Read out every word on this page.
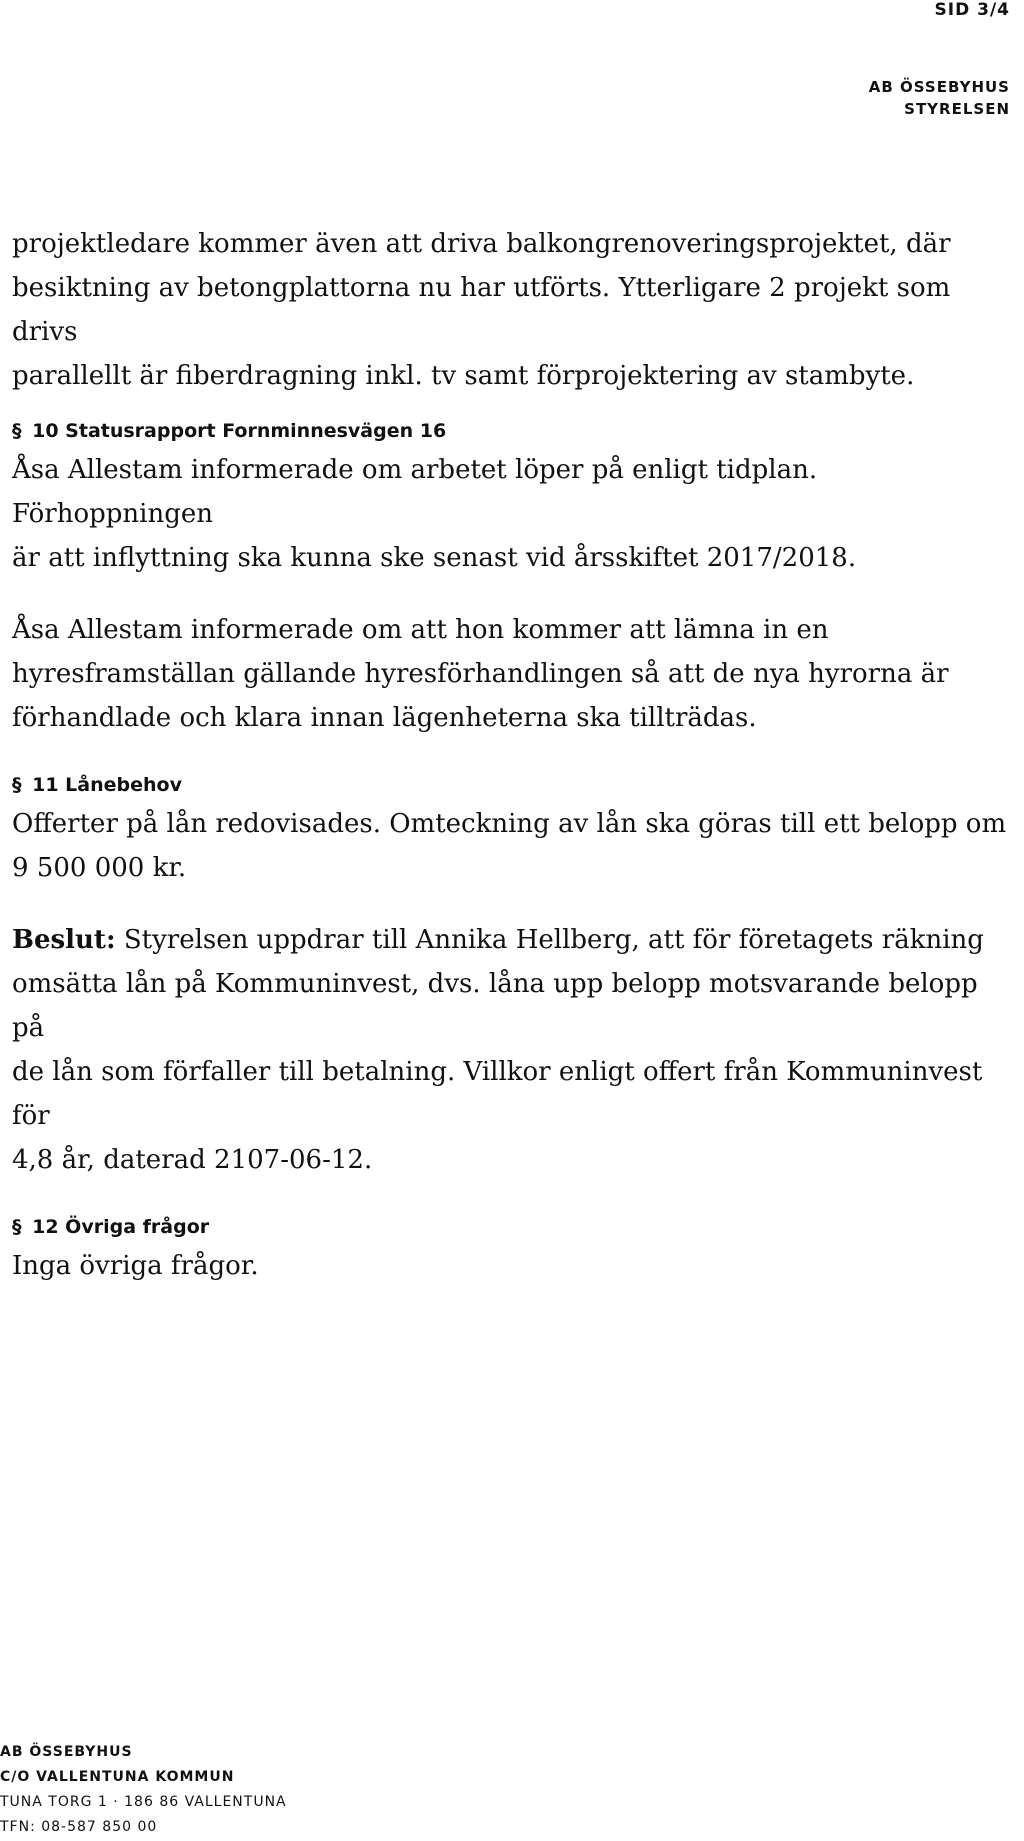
SID 3/4
AB ÖSSEBYHUS
STYRELSEN

projektledare kommer även att driva balkongrenoveringsprojektet, där

besiktning av betongplattorna nu har utförts. Ytterligare 2 projekt som drivs

parallellt är fiberdragning inkl. tv samt förprojektering av stambyte.

§ 10 Statusrapport Fornminnesvägen 16

Åsa Allestam informerade om arbetet löper på enligt tidplan. Förhoppningen

är att inflyttning ska kunna ske senast vid årsskiftet 2017/2018.

Åsa Allestam informerade om att hon kommer att lämna in en

hyresframställan gällande hyresförhandlingen så att de nya hyrorna är

förhandlade och klara innan lägenheterna ska tillträdas.

§ 11 Lånebehov

Offerter på lån redovisades. Omteckning av lån ska göras till ett belopp om

9 500 000 kr.

Beslut: Styrelsen uppdrar till Annika Hellberg, att för företagets räkning

omsätta lån på Kommuninvest, dvs. låna upp belopp motsvarande belopp på

de lån som förfaller till betalning. Villkor enligt offert från Kommuninvest för

4,8 år, daterad 2107-06-12.

§ 12 Övriga frågor

Inga övriga frågor.

AB ÖSSEBYHUS
C/O VALLENTUNA KOMMUN
TUNA TORG 1 · 186 86 VALLENTUNA
TFN: 08-587 850 00
